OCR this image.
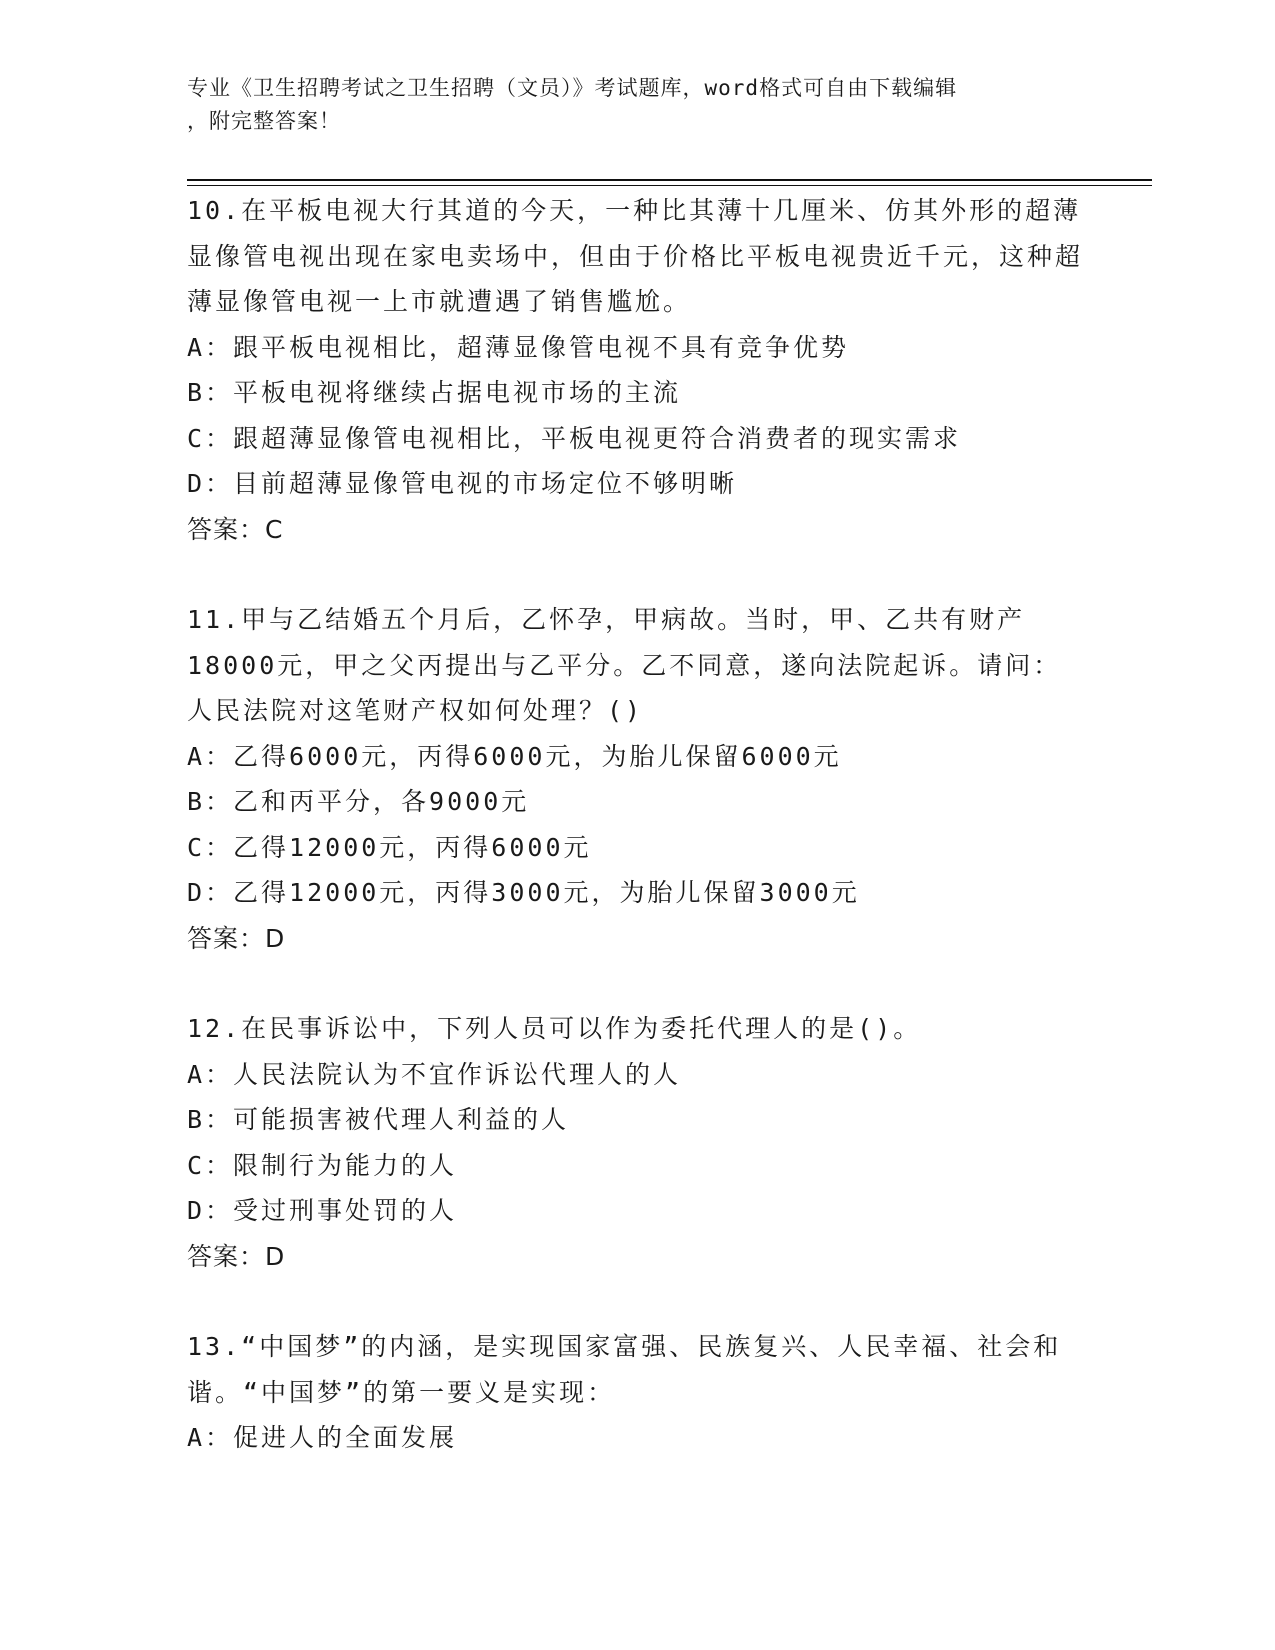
专业《卫生招聘考试之卫生招聘（文员）》考试题库，word格式可自由下载编辑
，附完整答案！
10.在平板电视大行其道的今天，一种比其薄十几厘米、仿其外形的超薄显像管电视出现在家电卖场中，但由于价格比平板电视贵近千元，这种超薄显像管电视一上市就遭遇了销售尴尬。
A：跟平板电视相比，超薄显像管电视不具有竞争优势
B：平板电视将继续占据电视市场的主流
C：跟超薄显像管电视相比，平板电视更符合消费者的现实需求
D：目前超薄显像管电视的市场定位不够明晰
答案：C
11.甲与乙结婚五个月后，乙怀孕，甲病故。当时，甲、乙共有财产18000元，甲之父丙提出与乙平分。乙不同意，遂向法院起诉。请问：人民法院对这笔财产权如何处理？()
A：乙得6000元，丙得6000元，为胎儿保留6000元
B：乙和丙平分，各9000元
C：乙得12000元，丙得6000元
D：乙得12000元，丙得3000元，为胎儿保留3000元
答案：D
12.在民事诉讼中，下列人员可以作为委托代理人的是()。
A：人民法院认为不宜作诉讼代理人的人
B：可能损害被代理人利益的人
C：限制行为能力的人
D：受过刑事处罚的人
答案：D
13.“中国梦”的内涵，是实现国家富强、民族复兴、人民幸福、社会和谐。“中国梦”的第一要义是实现：
A：促进人的全面发展
